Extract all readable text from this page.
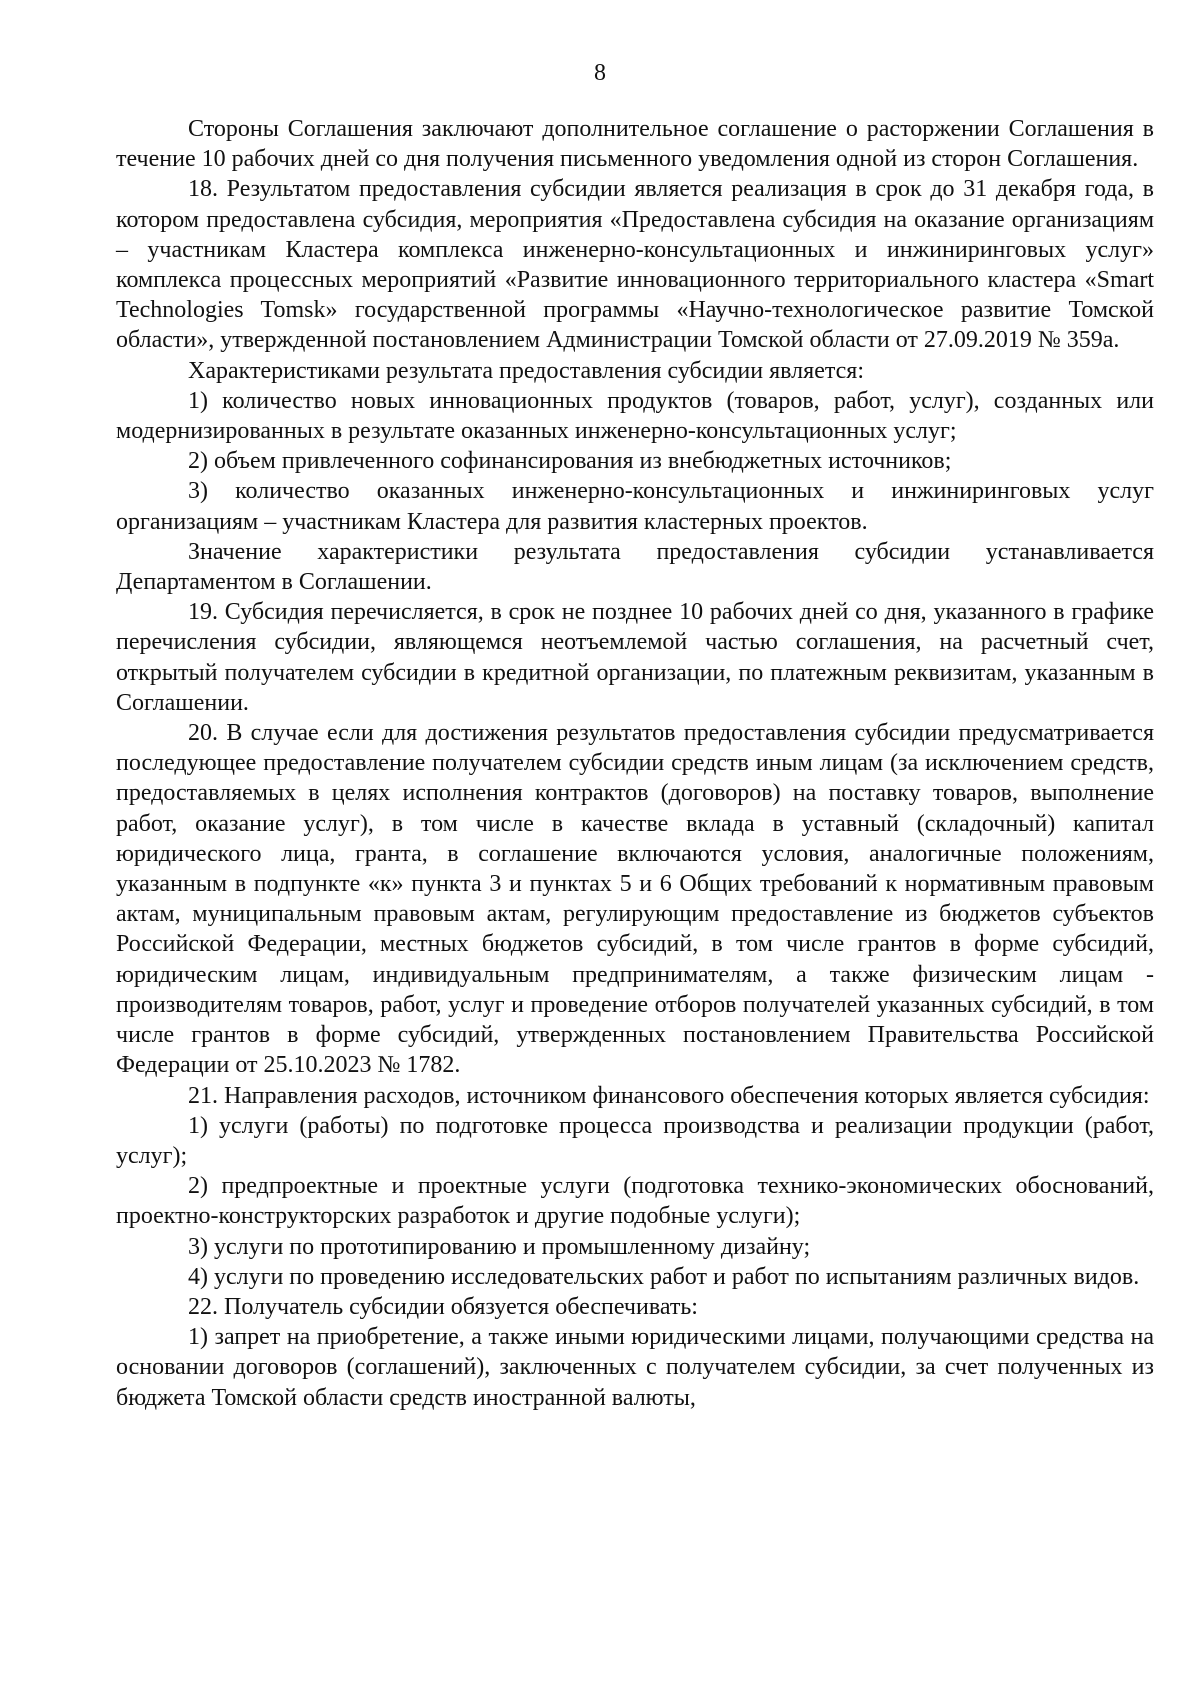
8

Стороны Соглашения заключают дополнительное соглашение о расторжении Соглашения в течение 10 рабочих дней со дня получения письменного уведомления одной из сторон Соглашения.

18. Результатом предоставления субсидии является реализация в срок до 31 декабря года, в котором предоставлена субсидия, мероприятия «Предоставлена субсидия на оказание организациям – участникам Кластера комплекса инженерно-консультационных и инжиниринговых услуг» комплекса процессных мероприятий «Развитие инновационного территориального кластера «Smart Technologies Tomsk» государственной программы «Научно-технологическое развитие Томской области», утвержденной постановлением Администрации Томской области от 27.09.2019 № 359а.

Характеристиками результата предоставления субсидии является:

1) количество новых инновационных продуктов (товаров, работ, услуг), созданных или модернизированных в результате оказанных инженерно-консультационных услуг;

2) объем привлеченного софинансирования из внебюджетных источников;

3) количество оказанных инженерно-консультационных и инжиниринговых услуг организациям – участникам Кластера для развития кластерных проектов.

Значение характеристики результата предоставления субсидии устанавливается Департаментом в Соглашении.

19. Субсидия перечисляется, в срок не позднее 10 рабочих дней со дня, указанного в графике перечисления субсидии, являющемся неотъемлемой частью соглашения, на расчетный счет, открытый получателем субсидии в кредитной организации, по платежным реквизитам, указанным в Соглашении.

20. В случае если для достижения результатов предоставления субсидии предусматривается последующее предоставление получателем субсидии средств иным лицам (за исключением средств, предоставляемых в целях исполнения контрактов (договоров) на поставку товаров, выполнение работ, оказание услуг), в том числе в качестве вклада в уставный (складочный) капитал юридического лица, гранта, в соглашение включаются условия, аналогичные положениям, указанным в подпункте «к» пункта 3 и пунктах 5 и 6 Общих требований к нормативным правовым актам, муниципальным правовым актам, регулирующим предоставление из бюджетов субъектов Российской Федерации, местных бюджетов субсидий, в том числе грантов в форме субсидий, юридическим лицам, индивидуальным предпринимателям, а также физическим лицам - производителям товаров, работ, услуг и проведение отборов получателей указанных субсидий, в том числе грантов в форме субсидий, утвержденных постановлением Правительства Российской Федерации от 25.10.2023 № 1782.

21. Направления расходов, источником финансового обеспечения которых является субсидия:

1) услуги (работы) по подготовке процесса производства и реализации продукции (работ, услуг);

2) предпроектные и проектные услуги (подготовка технико-экономических обоснований, проектно-конструкторских разработок и другие подобные услуги);

3) услуги по прототипированию и промышленному дизайну;

4) услуги по проведению исследовательских работ и работ по испытаниям различных видов.

22. Получатель субсидии обязуется обеспечивать:

1) запрет на приобретение, а также иными юридическими лицами, получающими средства на основании договоров (соглашений), заключенных с получателем субсидии, за счет полученных из бюджета Томской области средств иностранной валюты,
